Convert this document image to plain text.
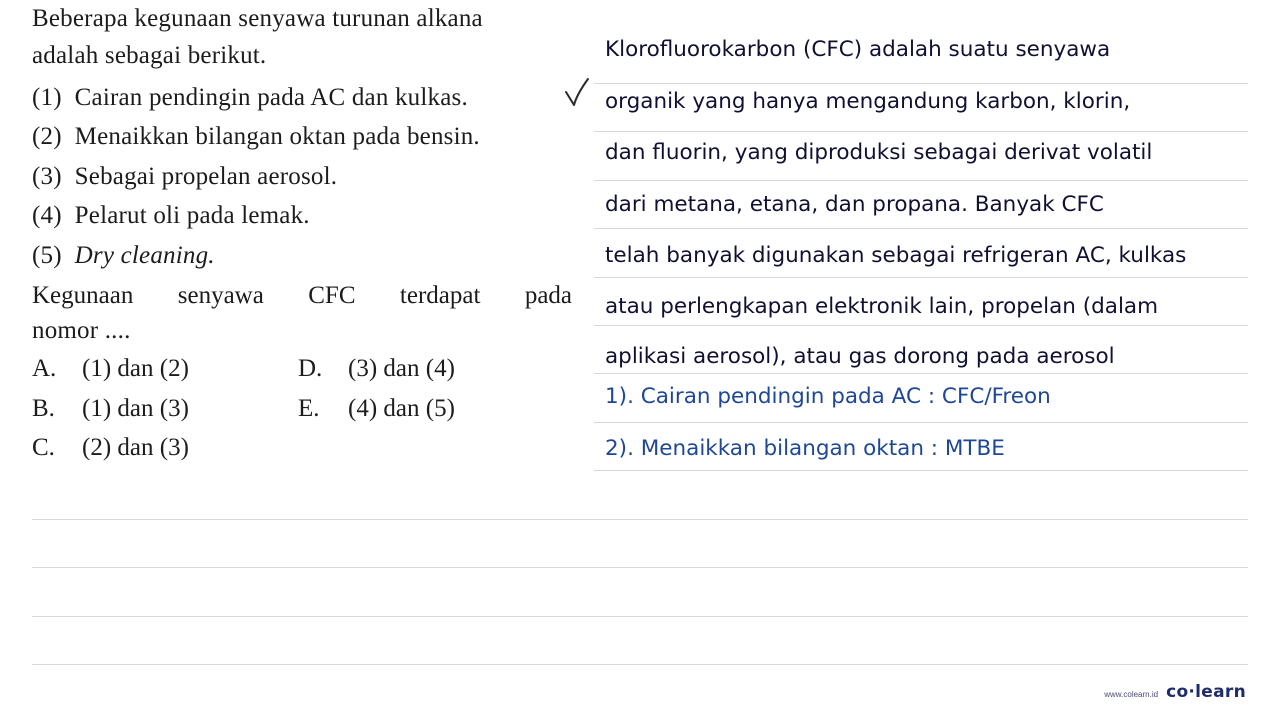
Beberapa kegunaan senyawa turunan alkana
adalah sebagai berikut.
(1) Cairan pendingin pada AC dan kulkas.
(2) Menaikkan bilangan oktan pada bensin.
(3) Sebagai propelan aerosol.
(4) Pelarut oli pada lemak.
(5) Dry cleaning.
Kegunaan senyawa CFC terdapat pada
nomor ....
A. (1) dan (2)
B. (1) dan (3)
C. (2) dan (3)
D. (3) dan (4)
E. (4) dan (5)
Klorofluorokarbon (CFC) adalah suatu senyawa
organik yang hanya mengandung karbon, klorin,
dan fluorin, yang diproduksi sebagai derivat volatil
dari metana, etana, dan propana. Banyak CFC
telah banyak digunakan sebagai refrigeran AC, kulkas
atau perlengkapan elektronik lain, propelan (dalam
aplikasi aerosol), atau gas dorong pada aerosol
1). Cairan pendingin pada AC : CFC/Freon
2). Menaikkan bilangan oktan : MTBE
www.colearn.id co·learn
